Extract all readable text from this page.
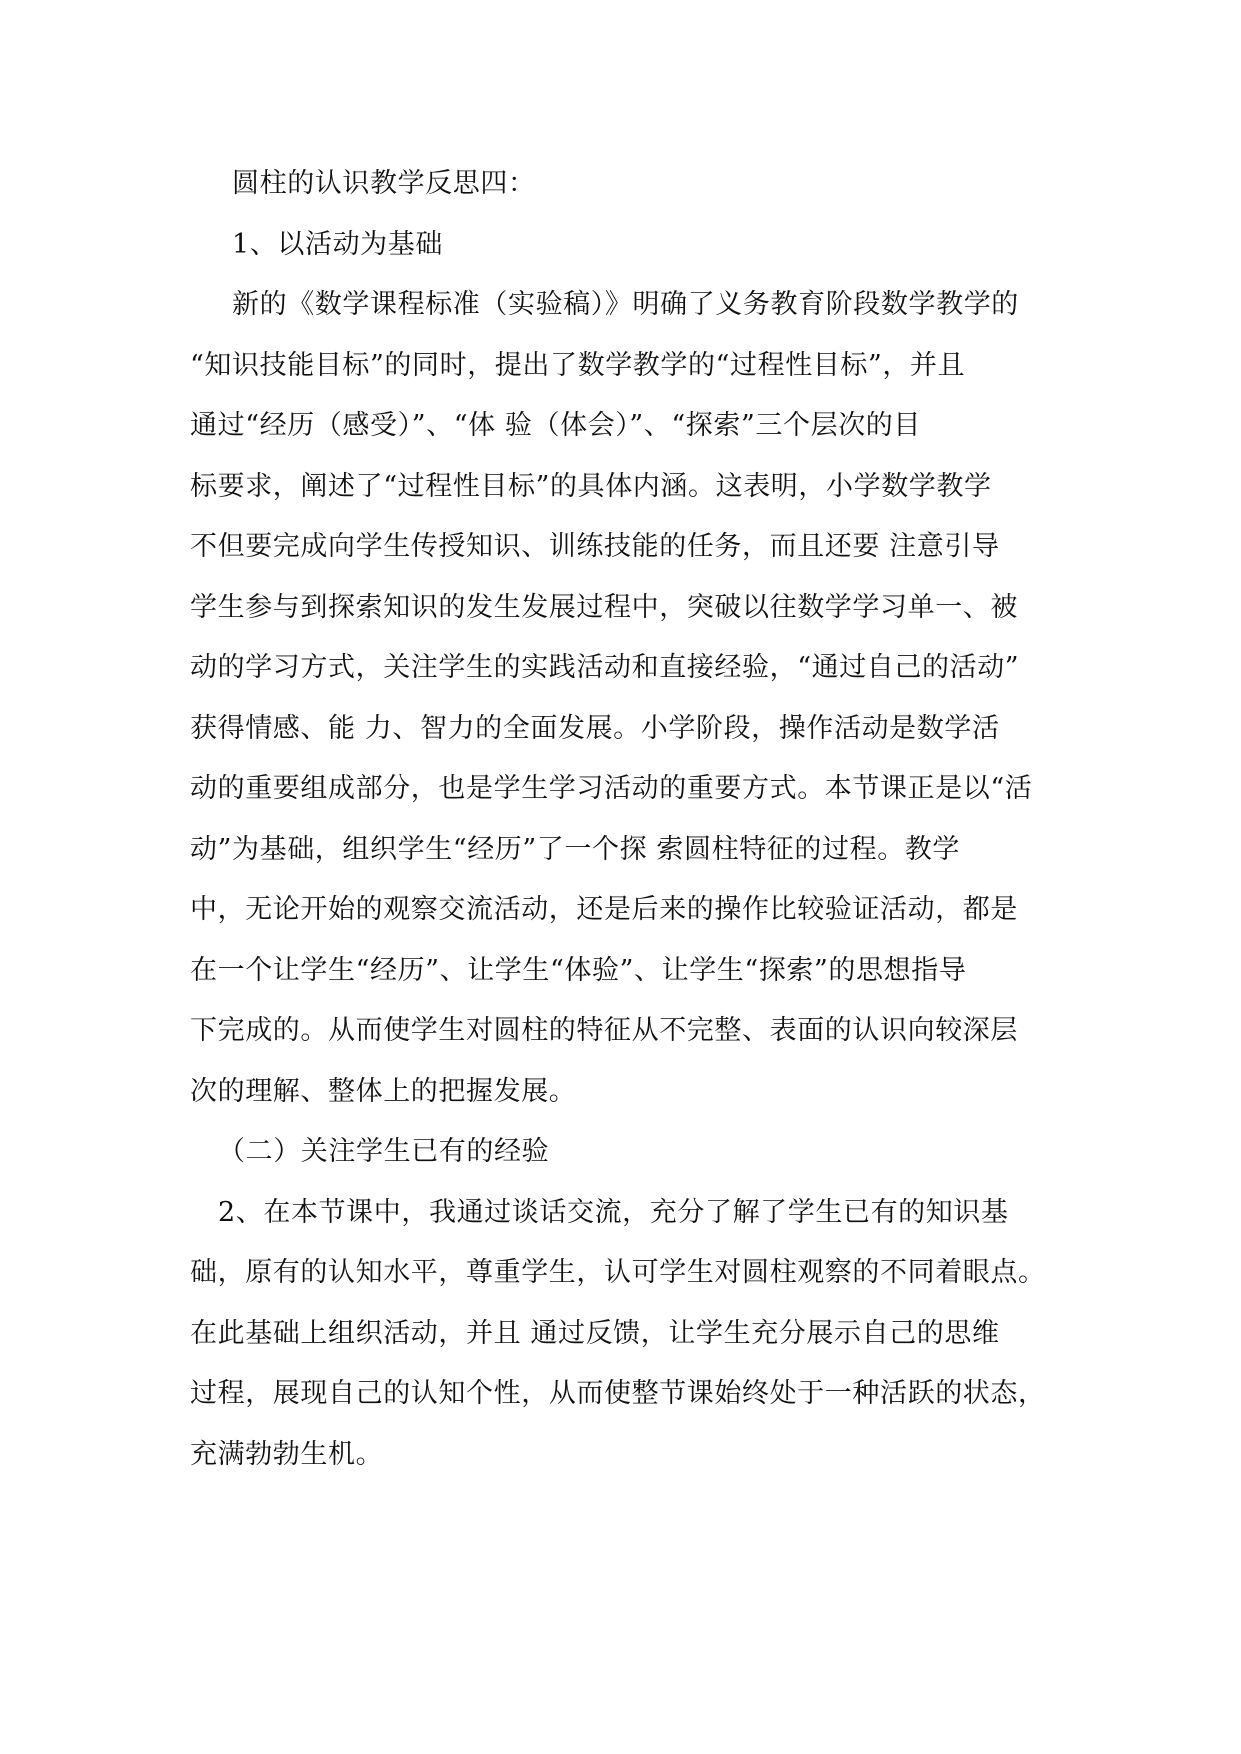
圆柱的认识教学反思四：
1、以活动为基础
新的《数学课程标准（实验稿）》明确了义务教育阶段数学教学的
“知识技能目标”的同时，提出了数学教学的“过程性目标”，并且
通过“经历（感受）”、“体 验（体会）”、“探索”三个层次的目
标要求，阐述了“过程性目标”的具体内涵。这表明，小学数学教学
不但要完成向学生传授知识、训练技能的任务，而且还要 注意引导
学生参与到探索知识的发生发展过程中，突破以往数学学习单一、被
动的学习方式，关注学生的实践活动和直接经验，“通过自己的活动”
获得情感、能 力、智力的全面发展。小学阶段，操作活动是数学活
动的重要组成部分，也是学生学习活动的重要方式。本节课正是以“活
动”为基础，组织学生“经历”了一个探 索圆柱特征的过程。教学
中，无论开始的观察交流活动，还是后来的操作比较验证活动，都是
在一个让学生“经历”、让学生“体验”、让学生“探索”的思想指导
下完成的。从而使学生对圆柱的特征从不完整、表面的认识向较深层
次的理解、整体上的把握发展。
（二）关注学生已有的经验
2、在本节课中，我通过谈话交流，充分了解了学生已有的知识基
础，原有的认知水平，尊重学生，认可学生对圆柱观察的不同着眼点。
在此基础上组织活动，并且 通过反馈，让学生充分展示自己的思维
过程，展现自己的认知个性，从而使整节课始终处于一种活跃的状态，
充满勃勃生机。
